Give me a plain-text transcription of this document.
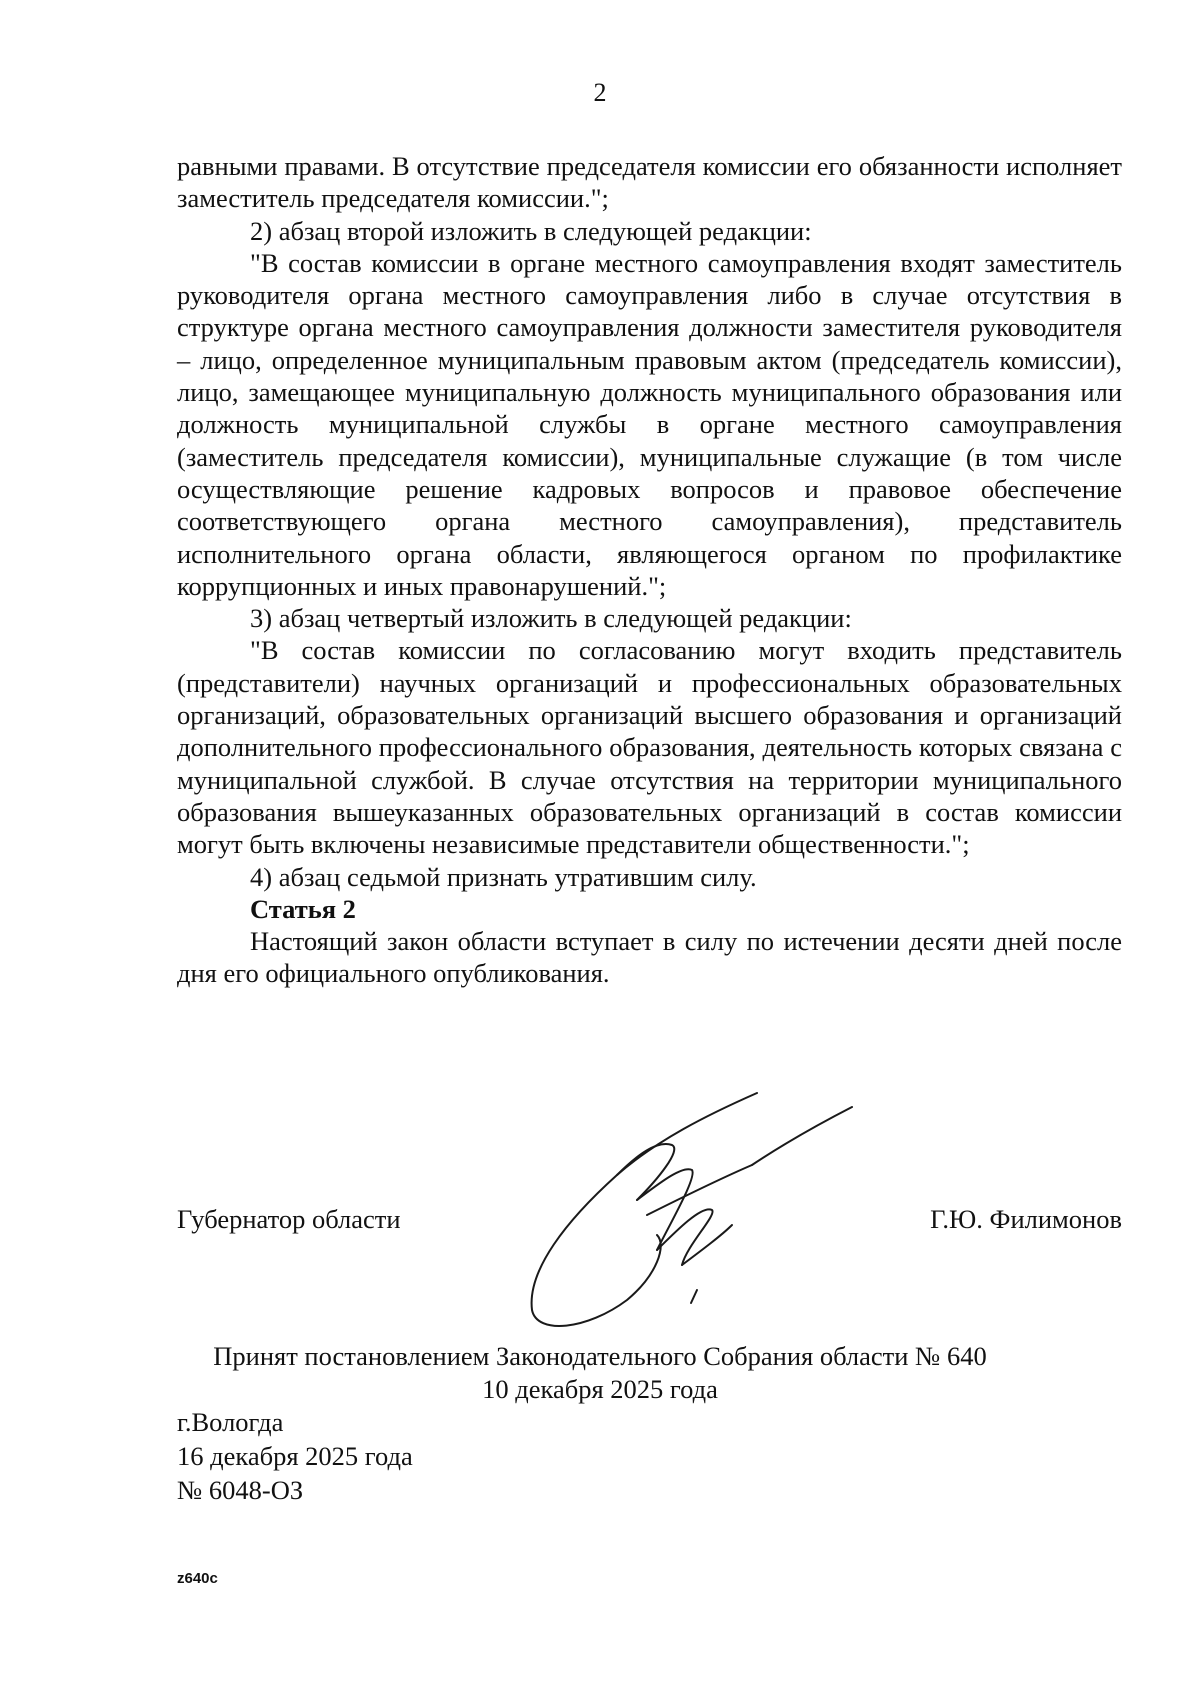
2

равными правами. В отсутствие председателя комиссии его обязанности исполняет заместитель председателя комиссии.";

2) абзац второй изложить в следующей редакции:

"В состав комиссии в органе местного самоуправления входят заместитель руководителя органа местного самоуправления либо в случае отсутствия в структуре органа местного самоуправления должности заместителя руководителя – лицо, определенное муниципальным правовым актом (председатель комиссии), лицо, замещающее муниципальную должность муниципального образования или должность муниципальной службы в органе местного самоуправления (заместитель председателя комиссии), муниципальные служащие (в том числе осуществляющие решение кадровых вопросов и правовое обеспечение соответствующего органа местного самоуправления), представитель исполнительного органа области, являющегося органом по профилактике коррупционных и иных правонарушений.";

3) абзац четвертый изложить в следующей редакции:

"В состав комиссии по согласованию могут входить представитель (представители) научных организаций и профессиональных образовательных организаций, образовательных организаций высшего образования и организаций дополнительного профессионального образования, деятельность которых связана с муниципальной службой. В случае отсутствия на территории муниципального образования вышеуказанных образовательных организаций в состав комиссии могут быть включены независимые представители общественности.";

4) абзац седьмой признать утратившим силу.

Статья 2

Настоящий закон области вступает в силу по истечении десяти дней после дня его официального опубликования.

Губернатор области	Г.Ю. Филимонов
Принят постановлением Законодательного Собрания области № 640
10 декабря 2025 года
г.Вологда
16 декабря 2025 года
№ 6048-ОЗ
z640c
